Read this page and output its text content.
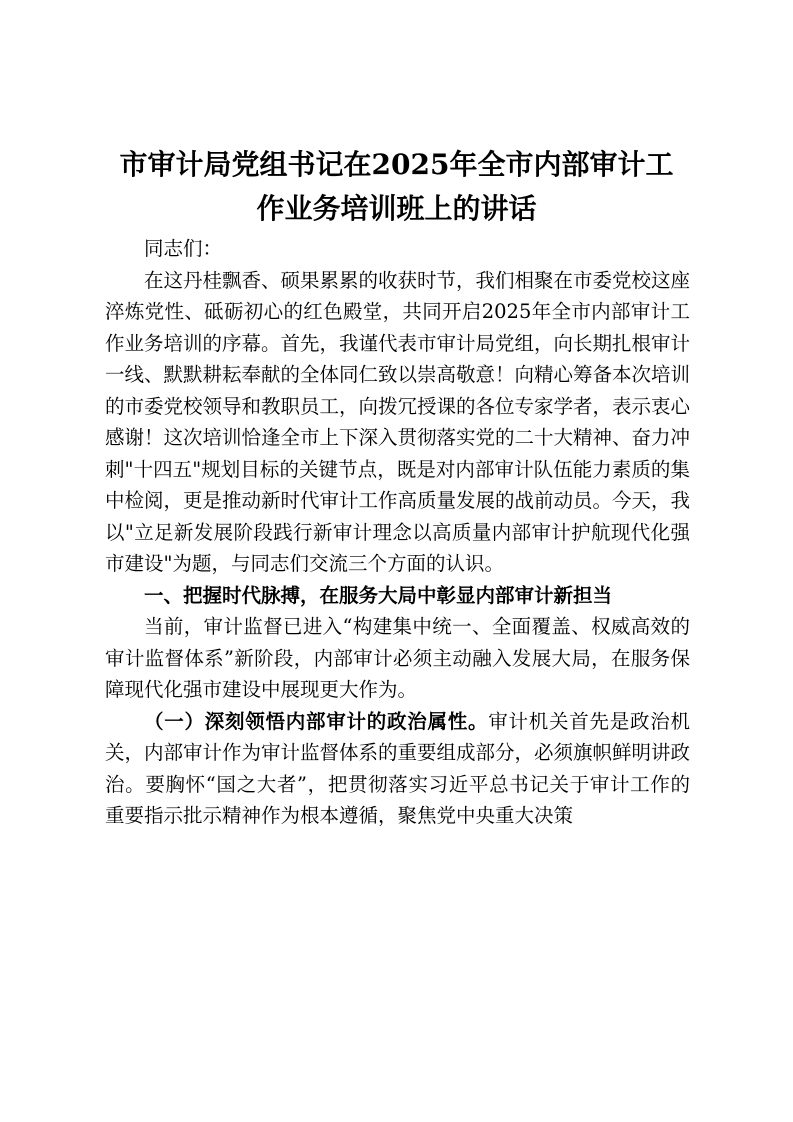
市审计局党组书记在2025年全市内部审计工
作业务培训班上的讲话

同志们：

在这丹桂飘香、硕果累累的收获时节，我们相聚在市委党校这座淬炼党性、砥砺初心的红色殿堂，共同开启2025年全市内部审计工作业务培训的序幕。首先，我谨代表市审计局党组，向长期扎根审计一线、默默耕耘奉献的全体同仁致以崇高敬意！向精心筹备本次培训的市委党校领导和教职员工，向拨冗授课的各位专家学者，表示衷心感谢！这次培训恰逢全市上下深入贯彻落实党的二十大精神、奋力冲刺"十四五"规划目标的关键节点，既是对内部审计队伍能力素质的集中检阅，更是推动新时代审计工作高质量发展的战前动员。今天，我以"立足新发展阶段践行新审计理念以高质量内部审计护航现代化强市建设"为题，与同志们交流三个方面的认识。

一、把握时代脉搏，在服务大局中彰显内部审计新担当

当前，审计监督已进入“构建集中统一、全面覆盖、权威高效的审计监督体系”新阶段，内部审计必须主动融入发展大局，在服务保障现代化强市建设中展现更大作为。

（一）深刻领悟内部审计的政治属性。审计机关首先是政治机关，内部审计作为审计监督体系的重要组成部分，必须旗帜鲜明讲政治。要胸怀“国之大者”，把贯彻落实习近平总书记关于审计工作的重要指示批示精神作为根本遵循，聚焦党中央重大决策
